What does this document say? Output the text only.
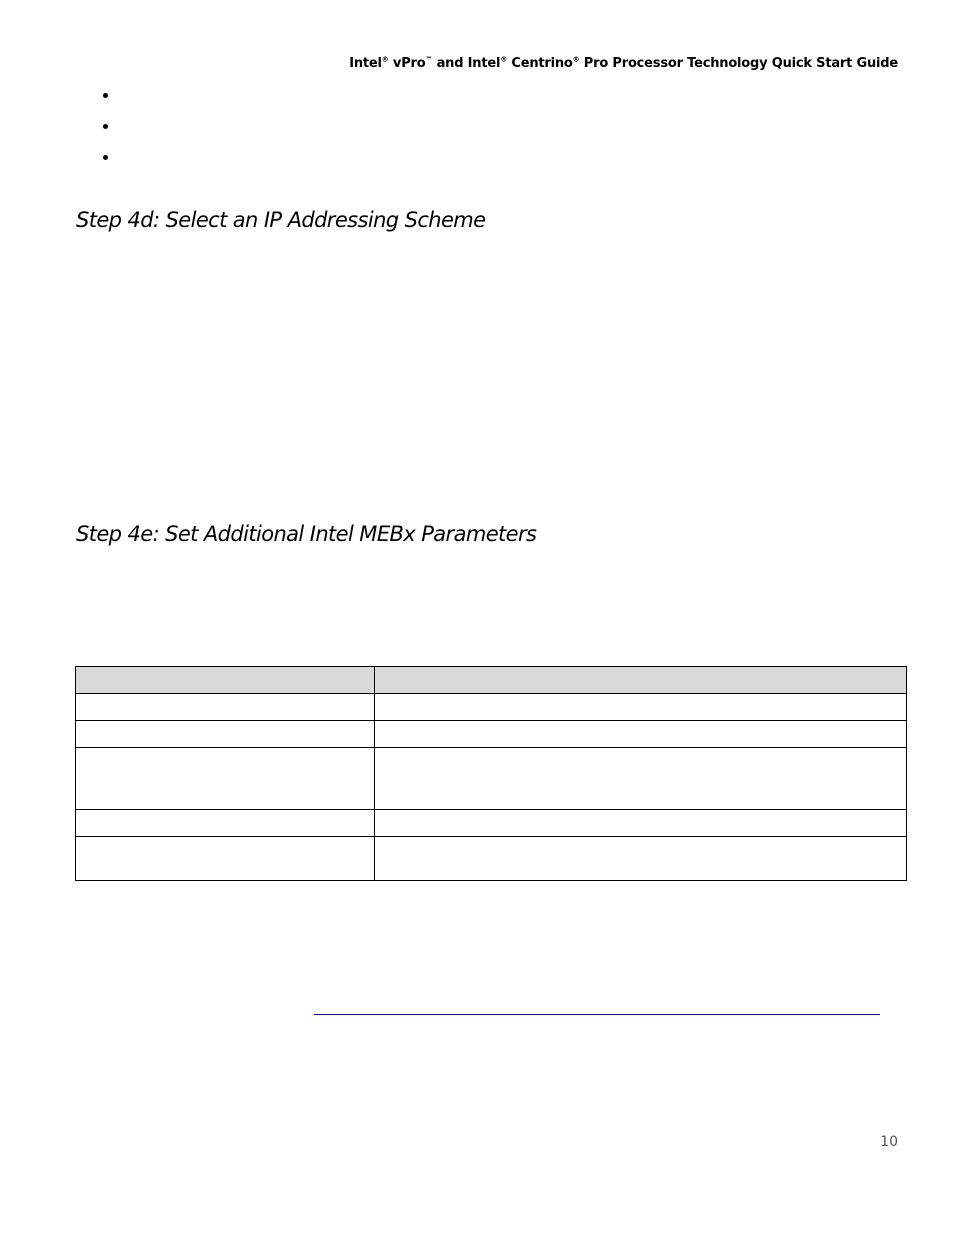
Intel® vPro™ and Intel® Centrino® Pro Processor Technology Quick Start Guide
Step 4d: Select an IP Addressing Scheme
Step 4e: Set Additional Intel MEBx Parameters

10
